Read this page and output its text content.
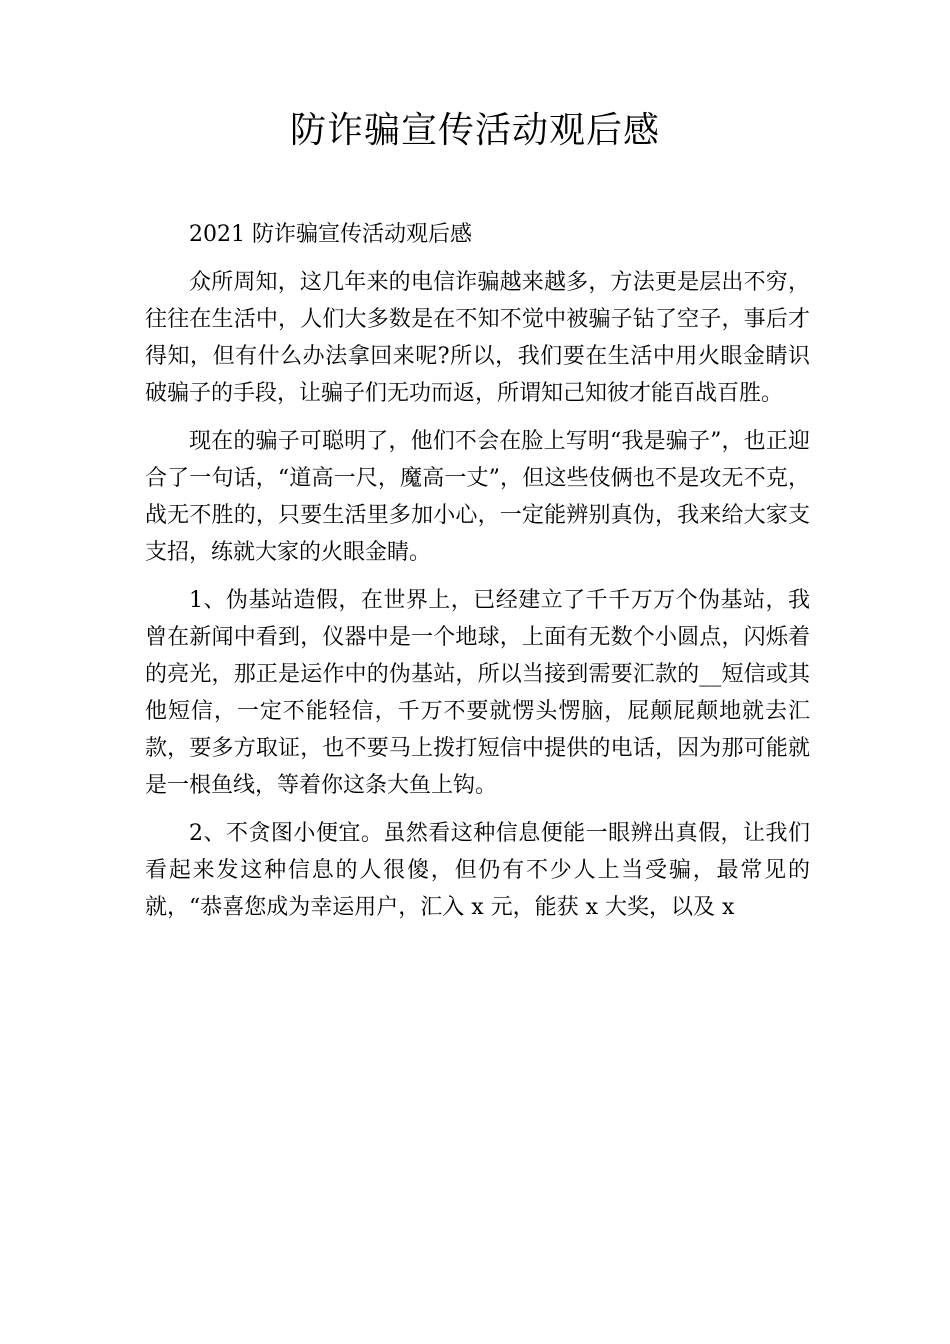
防诈骗宣传活动观后感

2021 防诈骗宣传活动观后感

众所周知，这几年来的电信诈骗越来越多，方法更是层出不穷，往往在生活中，人们大多数是在不知不觉中被骗子钻了空子，事后才得知，但有什么办法拿回来呢?所以，我们要在生活中用火眼金睛识破骗子的手段，让骗子们无功而返，所谓知己知彼才能百战百胜。

现在的骗子可聪明了，他们不会在脸上写明“我是骗子”，也正迎合了一句话，“道高一尺，魔高一丈”，但这些伎俩也不是攻无不克，战无不胜的，只要生活里多加小心，一定能辨别真伪，我来给大家支支招，练就大家的火眼金睛。

1、伪基站造假，在世界上，已经建立了千千万万个伪基站，我曾在新闻中看到，仪器中是一个地球，上面有无数个小圆点，闪烁着的亮光，那正是运作中的伪基站，所以当接到需要汇款的__短信或其他短信，一定不能轻信，千万不要就愣头愣脑，屁颠屁颠地就去汇款，要多方取证，也不要马上拨打短信中提供的电话，因为那可能就是一根鱼线，等着你这条大鱼上钩。

2、不贪图小便宜。虽然看这种信息便能一眼辨出真假，让我们看起来发这种信息的人很傻，但仍有不少人上当受骗，最常见的就，“恭喜您成为幸运用户，汇入 x 元，能获 x 大奖，以及 x
